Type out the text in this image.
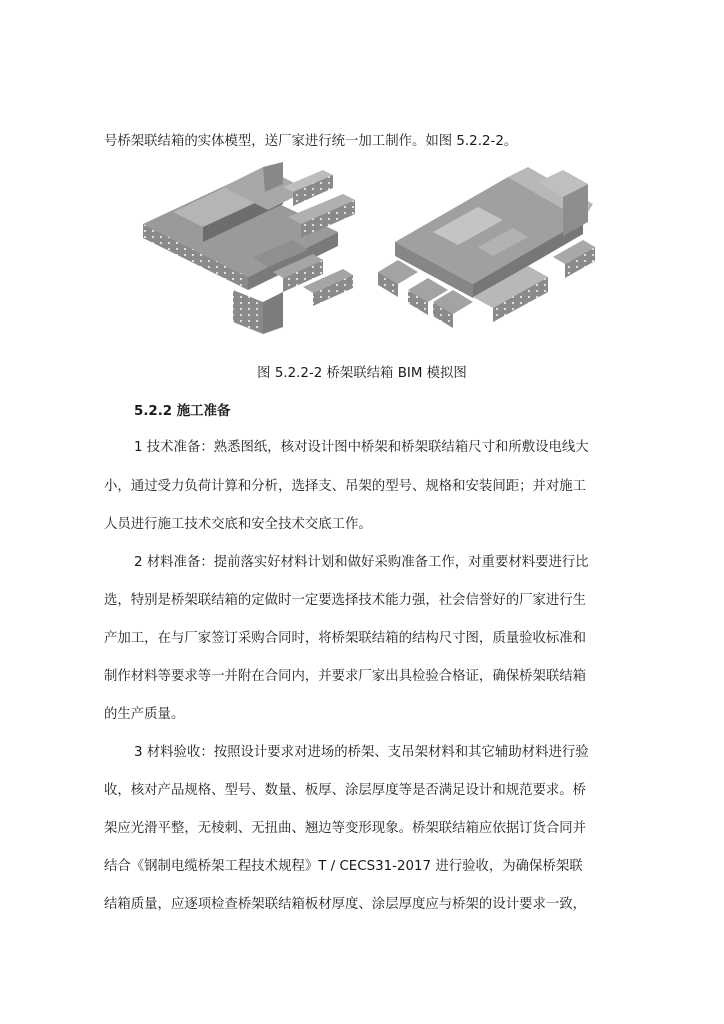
号桥架联结箱的实体模型，送厂家进行统一加工制作。如图 5.2.2-2。
图 5.2.2-2 桥架联结箱 BIM 模拟图
5.2.2 施工准备
1 技术准备：熟悉图纸，核对设计图中桥架和桥架联结箱尺寸和所敷设电线大
小，通过受力负荷计算和分析，选择支、吊架的型号、规格和安装间距；并对施工
人员进行施工技术交底和安全技术交底工作。
2 材料准备：提前落实好材料计划和做好采购准备工作，对重要材料要进行比
选，特别是桥架联结箱的定做时一定要选择技术能力强，社会信誉好的厂家进行生
产加工，在与厂家签订采购合同时，将桥架联结箱的结构尺寸图，质量验收标准和
制作材料等要求等一并附在合同内，并要求厂家出具检验合格证，确保桥架联结箱
的生产质量。
3 材料验收：按照设计要求对进场的桥架、支吊架材料和其它辅助材料进行验
收，核对产品规格、型号、数量、板厚、涂层厚度等是否满足设计和规范要求。桥
架应光滑平整，无棱刺、无扭曲、翘边等变形现象。桥架联结箱应依据订货合同并
结合《钢制电缆桥架工程技术规程》T / CECS31-2017 进行验收，为确保桥架联
结箱质量，应逐项检查桥架联结箱板材厚度、涂层厚度应与桥架的设计要求一致，
